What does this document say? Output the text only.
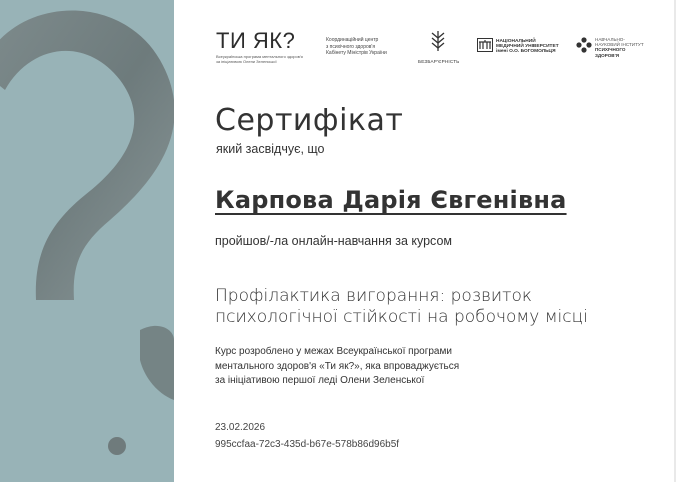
ТИ ЯК?
Всеукраїнська програма ментального здоров'я
за ініціативою Олени Зеленської
Координаційний центр
з психічного здоров'я
Кабінету Міністрів України
БЕЗБАР'ЄРНІСТЬ
НАЦІОНАЛЬНИЙ
МЕДИЧНИЙ УНІВЕРСИТЕТ
імені О.О. БОГОМОЛЬЦЯ
НАВЧАЛЬНО-
НАУКОВИЙ ІНСТИТУТ
ПСИХІЧНОГО
ЗДОРОВ'Я
Сертифікат
який засвідчує, що
Карпова Дарія Євгенівна
пройшов/-ла онлайн-навчання за курсом
Профілактика вигорання: розвиток
психологічної стійкості на робочому місці
Курс розроблено у межах Всеукраїнської програми
ментального здоров'я «Ти як?», яка впроваджується
за ініціативою першої леді Олени Зеленської
23.02.2026
995ccfaa-72c3-435d-b67e-578b86d96b5f
